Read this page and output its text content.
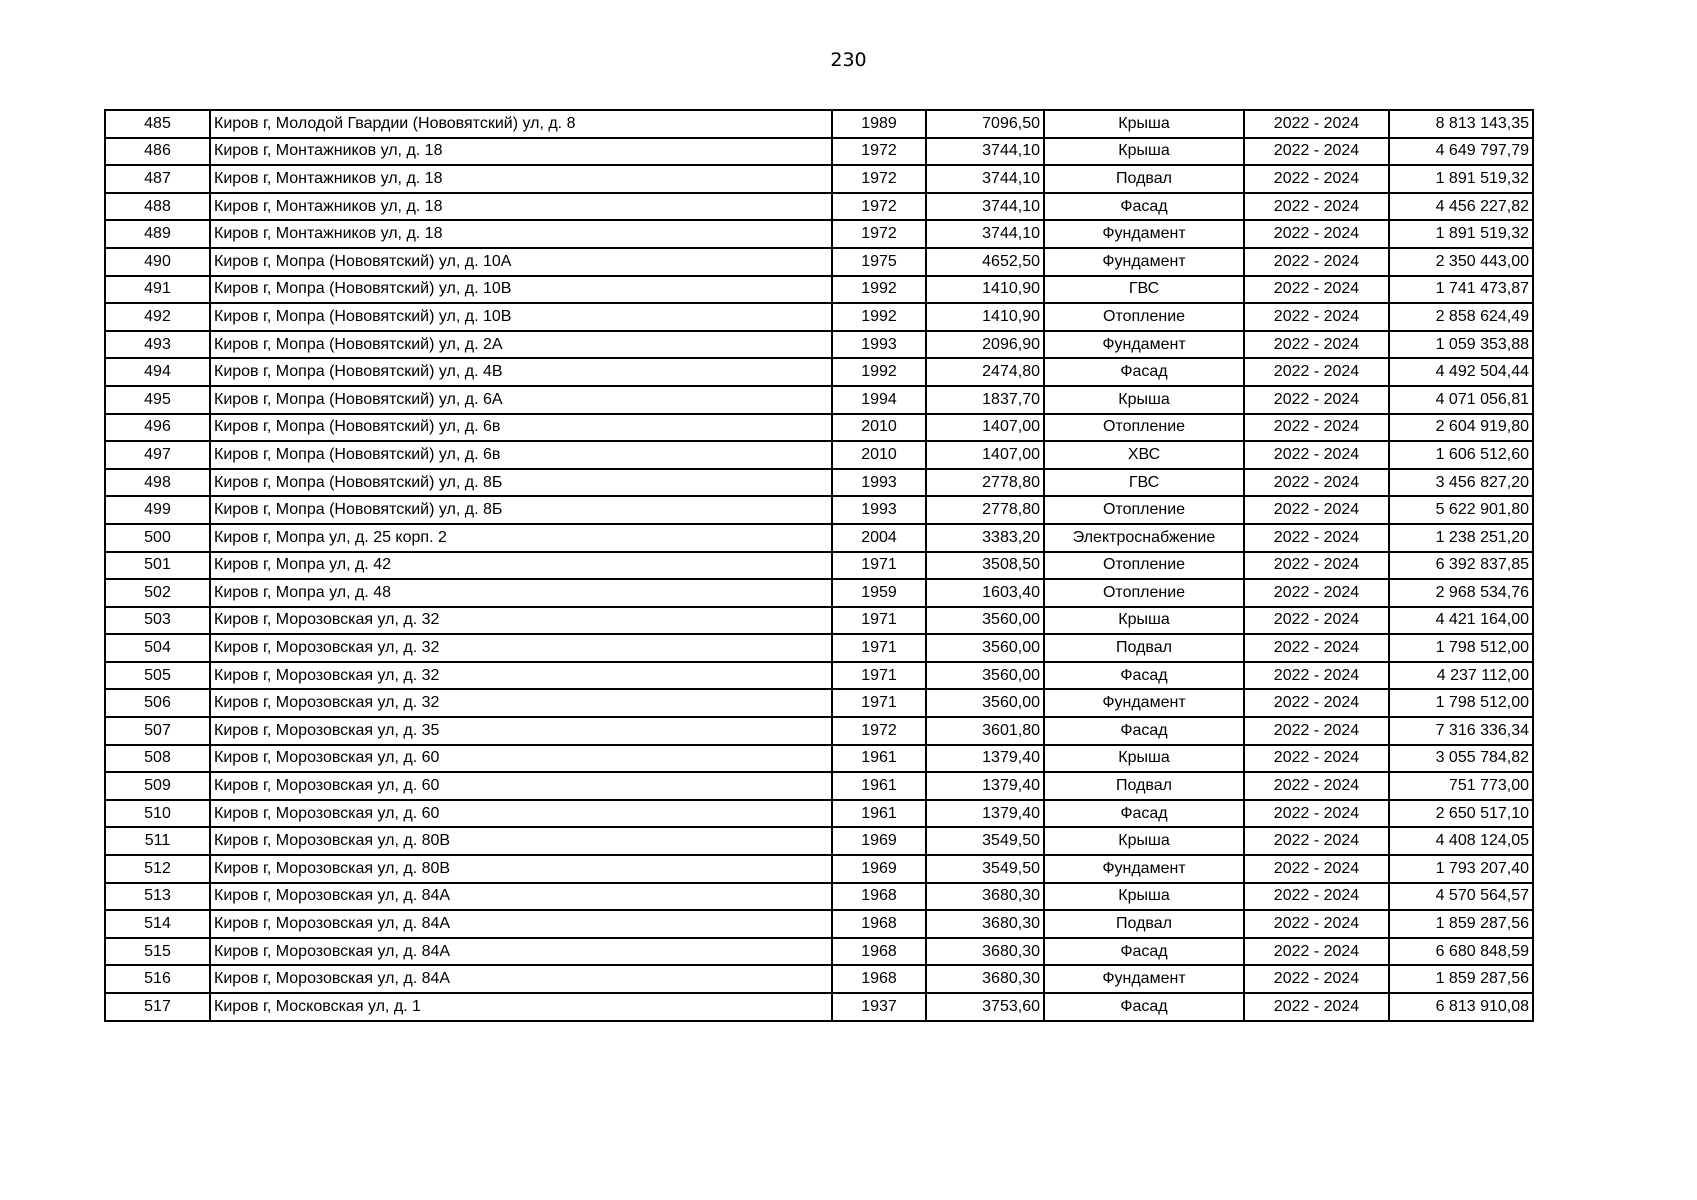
230
485	Киров г, Молодой Гвардии (Нововятский) ул, д. 8	1989	7096,50	Крыша	2022 - 2024	8 813 143,35
486	Киров г, Монтажников ул, д. 18	1972	3744,10	Крыша	2022 - 2024	4 649 797,79
487	Киров г, Монтажников ул, д. 18	1972	3744,10	Подвал	2022 - 2024	1 891 519,32
488	Киров г, Монтажников ул, д. 18	1972	3744,10	Фасад	2022 - 2024	4 456 227,82
489	Киров г, Монтажников ул, д. 18	1972	3744,10	Фундамент	2022 - 2024	1 891 519,32
490	Киров г, Мопра (Нововятский) ул, д. 10А	1975	4652,50	Фундамент	2022 - 2024	2 350 443,00
491	Киров г, Мопра (Нововятский) ул, д. 10В	1992	1410,90	ГВС	2022 - 2024	1 741 473,87
492	Киров г, Мопра (Нововятский) ул, д. 10В	1992	1410,90	Отопление	2022 - 2024	2 858 624,49
493	Киров г, Мопра (Нововятский) ул, д. 2А	1993	2096,90	Фундамент	2022 - 2024	1 059 353,88
494	Киров г, Мопра (Нововятский) ул, д. 4В	1992	2474,80	Фасад	2022 - 2024	4 492 504,44
495	Киров г, Мопра (Нововятский) ул, д. 6А	1994	1837,70	Крыша	2022 - 2024	4 071 056,81
496	Киров г, Мопра (Нововятский) ул, д. 6в	2010	1407,00	Отопление	2022 - 2024	2 604 919,80
497	Киров г, Мопра (Нововятский) ул, д. 6в	2010	1407,00	ХВС	2022 - 2024	1 606 512,60
498	Киров г, Мопра (Нововятский) ул, д. 8Б	1993	2778,80	ГВС	2022 - 2024	3 456 827,20
499	Киров г, Мопра (Нововятский) ул, д. 8Б	1993	2778,80	Отопление	2022 - 2024	5 622 901,80
500	Киров г, Мопра ул, д. 25 корп. 2	2004	3383,20	Электроснабжение	2022 - 2024	1 238 251,20
501	Киров г, Мопра ул, д. 42	1971	3508,50	Отопление	2022 - 2024	6 392 837,85
502	Киров г, Мопра ул, д. 48	1959	1603,40	Отопление	2022 - 2024	2 968 534,76
503	Киров г, Морозовская ул, д. 32	1971	3560,00	Крыша	2022 - 2024	4 421 164,00
504	Киров г, Морозовская ул, д. 32	1971	3560,00	Подвал	2022 - 2024	1 798 512,00
505	Киров г, Морозовская ул, д. 32	1971	3560,00	Фасад	2022 - 2024	4 237 112,00
506	Киров г, Морозовская ул, д. 32	1971	3560,00	Фундамент	2022 - 2024	1 798 512,00
507	Киров г, Морозовская ул, д. 35	1972	3601,80	Фасад	2022 - 2024	7 316 336,34
508	Киров г, Морозовская ул, д. 60	1961	1379,40	Крыша	2022 - 2024	3 055 784,82
509	Киров г, Морозовская ул, д. 60	1961	1379,40	Подвал	2022 - 2024	751 773,00
510	Киров г, Морозовская ул, д. 60	1961	1379,40	Фасад	2022 - 2024	2 650 517,10
511	Киров г, Морозовская ул, д. 80В	1969	3549,50	Крыша	2022 - 2024	4 408 124,05
512	Киров г, Морозовская ул, д. 80В	1969	3549,50	Фундамент	2022 - 2024	1 793 207,40
513	Киров г, Морозовская ул, д. 84А	1968	3680,30	Крыша	2022 - 2024	4 570 564,57
514	Киров г, Морозовская ул, д. 84А	1968	3680,30	Подвал	2022 - 2024	1 859 287,56
515	Киров г, Морозовская ул, д. 84А	1968	3680,30	Фасад	2022 - 2024	6 680 848,59
516	Киров г, Морозовская ул, д. 84А	1968	3680,30	Фундамент	2022 - 2024	1 859 287,56
517	Киров г, Московская ул, д. 1	1937	3753,60	Фасад	2022 - 2024	6 813 910,08
